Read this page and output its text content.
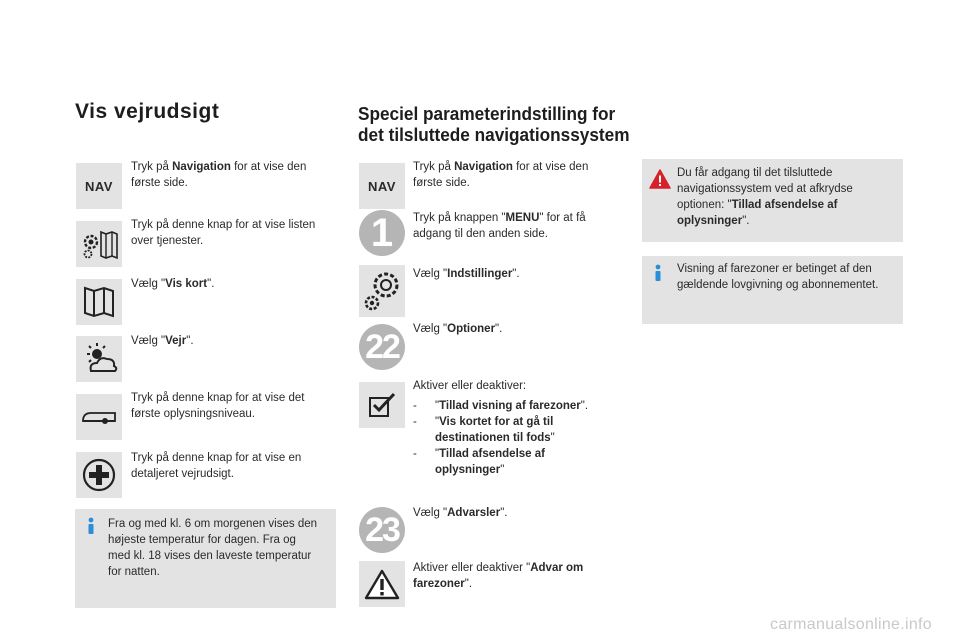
Vis vejrudsigt
NAV
Tryk på Navigation for at vise den første side.
Tryk på denne knap for at vise listen over tjenester.
Vælg "Vis kort".
Vælg "Vejr".
Tryk på denne knap for at vise det første oplysningsniveau.
Tryk på denne knap for at vise en detaljeret vejrudsigt.
Fra og med kl. 6 om morgenen vises den højeste temperatur for dagen. Fra og med kl. 18 vises den laveste temperatur for natten.
Speciel parameterindstilling for
det tilsluttede navigationssystem
NAV
Tryk på Navigation for at vise den første side.
1	Tryk på knappen "MENU" for at få adgang til den anden side.
Vælg "Indstillinger".
22	Vælg "Optioner".
Aktiver eller deaktiver:
- "Tillad visning af farezoner".
- "Vis kortet for at gå til destinationen til fods"
- "Tillad afsendelse af oplysninger"
23	Vælg "Advarsler".
Aktiver eller deaktiver "Advar om farezoner".
Du får adgang til det tilsluttede navigationssystem ved at afkrydse optionen: "Tillad afsendelse af oplysninger".
Visning af farezoner er betinget af den gældende lovgivning og abonnementet.
carmanualsonline.info
